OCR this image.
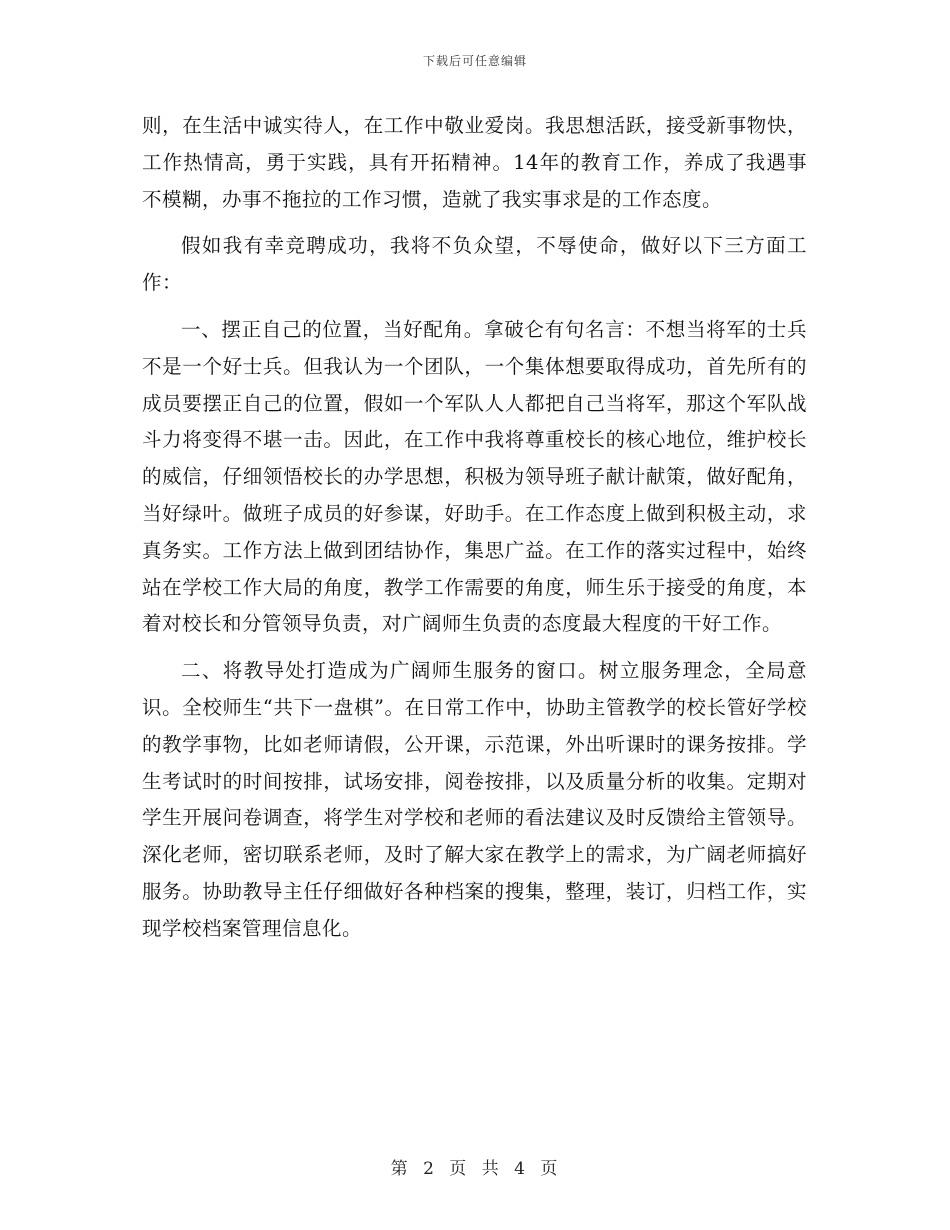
下载后可任意编辑

则，在生活中诚实待人，在工作中敬业爱岗。我思想活跃，接受新事物快，工作热情高，勇于实践，具有开拓精神。14年的教育工作，养成了我遇事不模糊，办事不拖拉的工作习惯，造就了我实事求是的工作态度。

假如我有幸竞聘成功，我将不负众望，不辱使命，做好以下三方面工作：

一、摆正自己的位置，当好配角。拿破仑有句名言：不想当将军的士兵不是一个好士兵。但我认为一个团队，一个集体想要取得成功，首先所有的成员要摆正自己的位置，假如一个军队人人都把自己当将军，那这个军队战斗力将变得不堪一击。因此，在工作中我将尊重校长的核心地位，维护校长的威信，仔细领悟校长的办学思想，积极为领导班子献计献策，做好配角，当好绿叶。做班子成员的好参谋，好助手。在工作态度上做到积极主动，求真务实。工作方法上做到团结协作，集思广益。在工作的落实过程中，始终站在学校工作大局的角度，教学工作需要的角度，师生乐于接受的角度，本着对校长和分管领导负责，对广阔师生负责的态度最大程度的干好工作。

二、将教导处打造成为广阔师生服务的窗口。树立服务理念，全局意识。全校师生“共下一盘棋”。在日常工作中，协助主管教学的校长管好学校的教学事物，比如老师请假，公开课，示范课，外出听课时的课务按排。学生考试时的时间按排，试场安排，阅卷按排，以及质量分析的收集。定期对学生开展问卷调查，将学生对学校和老师的看法建议及时反馈给主管领导。深化老师，密切联系老师，及时了解大家在教学上的需求，为广阔老师搞好服务。协助教导主任仔细做好各种档案的搜集，整理，装订，归档工作，实现学校档案管理信息化。

第 2 页 共 4 页
